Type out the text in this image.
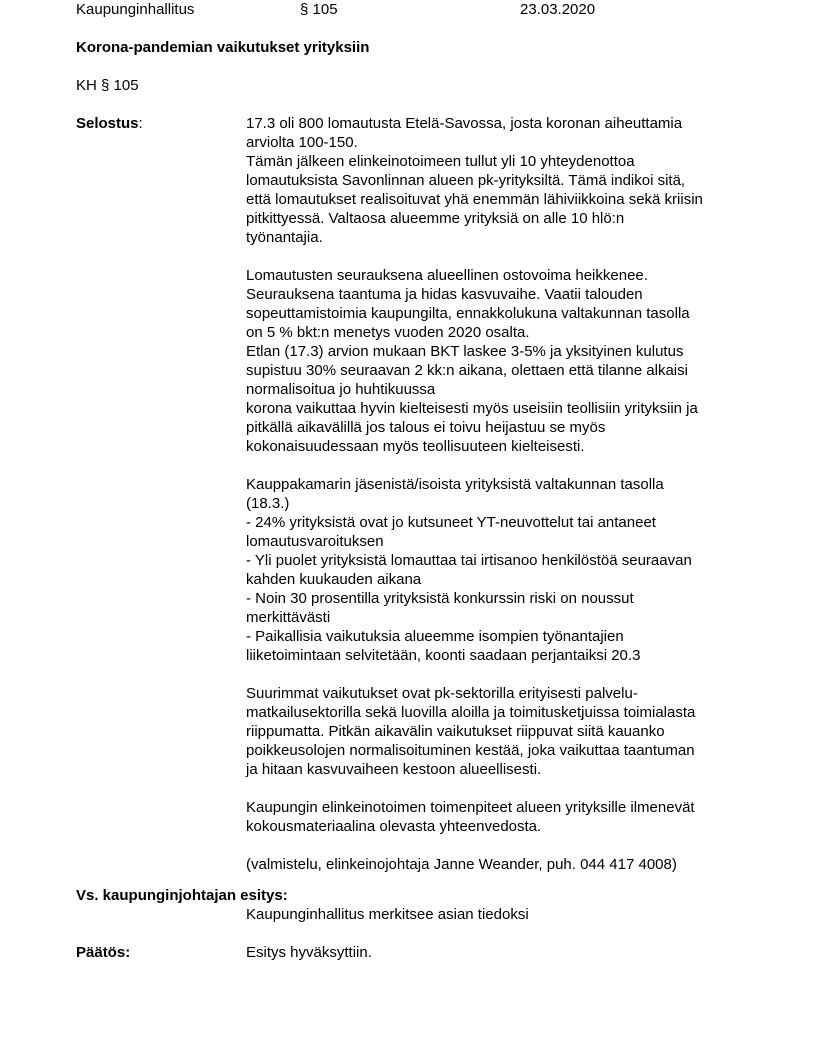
Kaupunginhallitus	§ 105	23.03.2020
Korona-pandemian vaikutukset yrityksiin
KH § 105
Selostus:	17.3 oli 800 lomautusta Etelä-Savossa, josta koronan aiheuttamia
arviolta 100-150.
Tämän jälkeen elinkeinotoimeen tullut yli 10 yhteydenottoa
lomautuksista Savonlinnan alueen pk-yrityksiltä. Tämä indikoi sitä,
että lomautukset realisoituvat yhä enemmän lähiviikkoina sekä kriisin
pitkittyessä. Valtaosa alueemme yrityksiä on alle 10 hlö:n
työnantajia.
Lomautusten seurauksena alueellinen ostovoima heikkenee.
Seurauksena taantuma ja hidas kasvuvaihe. Vaatii talouden
sopeuttamistoimia kaupungilta, ennakkolukuna valtakunnan tasolla
on 5 % bkt:n menetys vuoden 2020 osalta.
Etlan (17.3) arvion mukaan BKT laskee 3-5% ja yksityinen kulutus
supistuu 30% seuraavan 2 kk:n aikana, olettaen että tilanne alkaisi
normalisoitua jo huhtikuussa
korona vaikuttaa hyvin kielteisesti myös useisiin teollisiin yrityksiin ja
pitkällä aikavälillä jos talous ei toivu heijastuu se myös
kokonaisuudessaan myös teollisuuteen kielteisesti.
Kauppakamarin jäsenistä/isoista yrityksistä valtakunnan tasolla
(18.3.)
- 24% yrityksistä ovat jo kutsuneet YT-neuvottelut tai antaneet
lomautusvaroituksen
- Yli puolet yrityksistä lomauttaa tai irtisanoo henkilöstöä seuraavan
kahden kuukauden aikana
- Noin 30 prosentilla yrityksistä konkurssin riski on noussut
merkittävästi
- Paikallisia vaikutuksia alueemme isompien työnantajien
liiketoimintaan selvitetään, koonti saadaan perjantaiksi 20.3
Suurimmat vaikutukset ovat pk-sektorilla erityisesti palvelu-
matkailusektorilla sekä luovilla aloilla ja toimitusketjuissa toimialasta
riippumatta. Pitkän aikavälin vaikutukset riippuvat siitä kauanko
poikkeusolojen normalisoituminen kestää, joka vaikuttaa taantuman
ja hitaan kasvuvaiheen kestoon alueellisesti.
Kaupungin elinkeinotoimen toimenpiteet alueen yrityksille ilmenevät
kokousmateriaalina olevasta yhteenvedosta.
(valmistelu, elinkeinojohtaja Janne Weander, puh. 044 417 4008)
Vs. kaupunginjohtajan esitys:
Kaupunginhallitus merkitsee asian tiedoksi
Päätös:	Esitys hyväksyttiin.
